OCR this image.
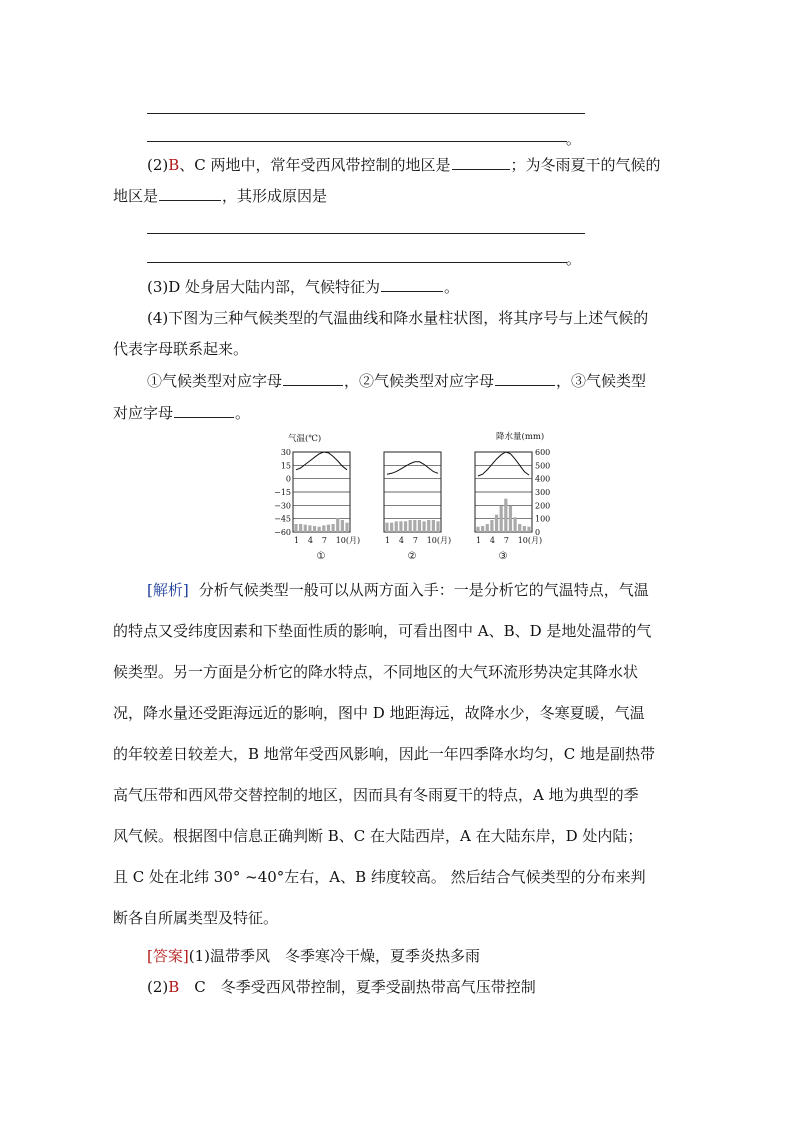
。
(2)B、C 两地中，常年受西风带控制的地区是	；为冬雨夏干的气候的
地区是	，其形成原因是
。
(3)D 处身居大陆内部，气候特征为	。
(4)下图为三种气候类型的气温曲线和降水量柱状图，将其序号与上述气候的
代表字母联系起来。
①气候类型对应字母	，②气候类型对应字母	，③气候类型
对应字母	。
气温(℃)	降水量(mm)
30
15
0
−15
−30
−45
−60
600
500
400
300
200
100
0
1 4 7 10(月)
①
1 4 7 10(月)
②
1 4 7 10(月)
③
[解析] 分析气候类型一般可以从两方面入手：一是分析它的气温特点，气温
的特点又受纬度因素和下垫面性质的影响，可看出图中 A、B、D 是地处温带的气
候类型。另一方面是分析它的降水特点，不同地区的大气环流形势决定其降水状
况，降水量还受距海远近的影响，图中 D 地距海远，故降水少，冬寒夏暖，气温
的年较差日较差大，B 地常年受西风影响，因此一年四季降水均匀，C 地是副热带
高气压带和西风带交替控制的地区，因而具有冬雨夏干的特点，A 地为典型的季
风气候。根据图中信息正确判断 B、C 在大陆西岸，A 在大陆东岸，D 处内陆；
且 C 处在北纬 30° ~40°左右，A、B 纬度较高。 然后结合气候类型的分布来判
断各自所属类型及特征。
[答案](1)温带季风　冬季寒冷干燥，夏季炎热多雨
(2)B　C　冬季受西风带控制，夏季受副热带高气压带控制
